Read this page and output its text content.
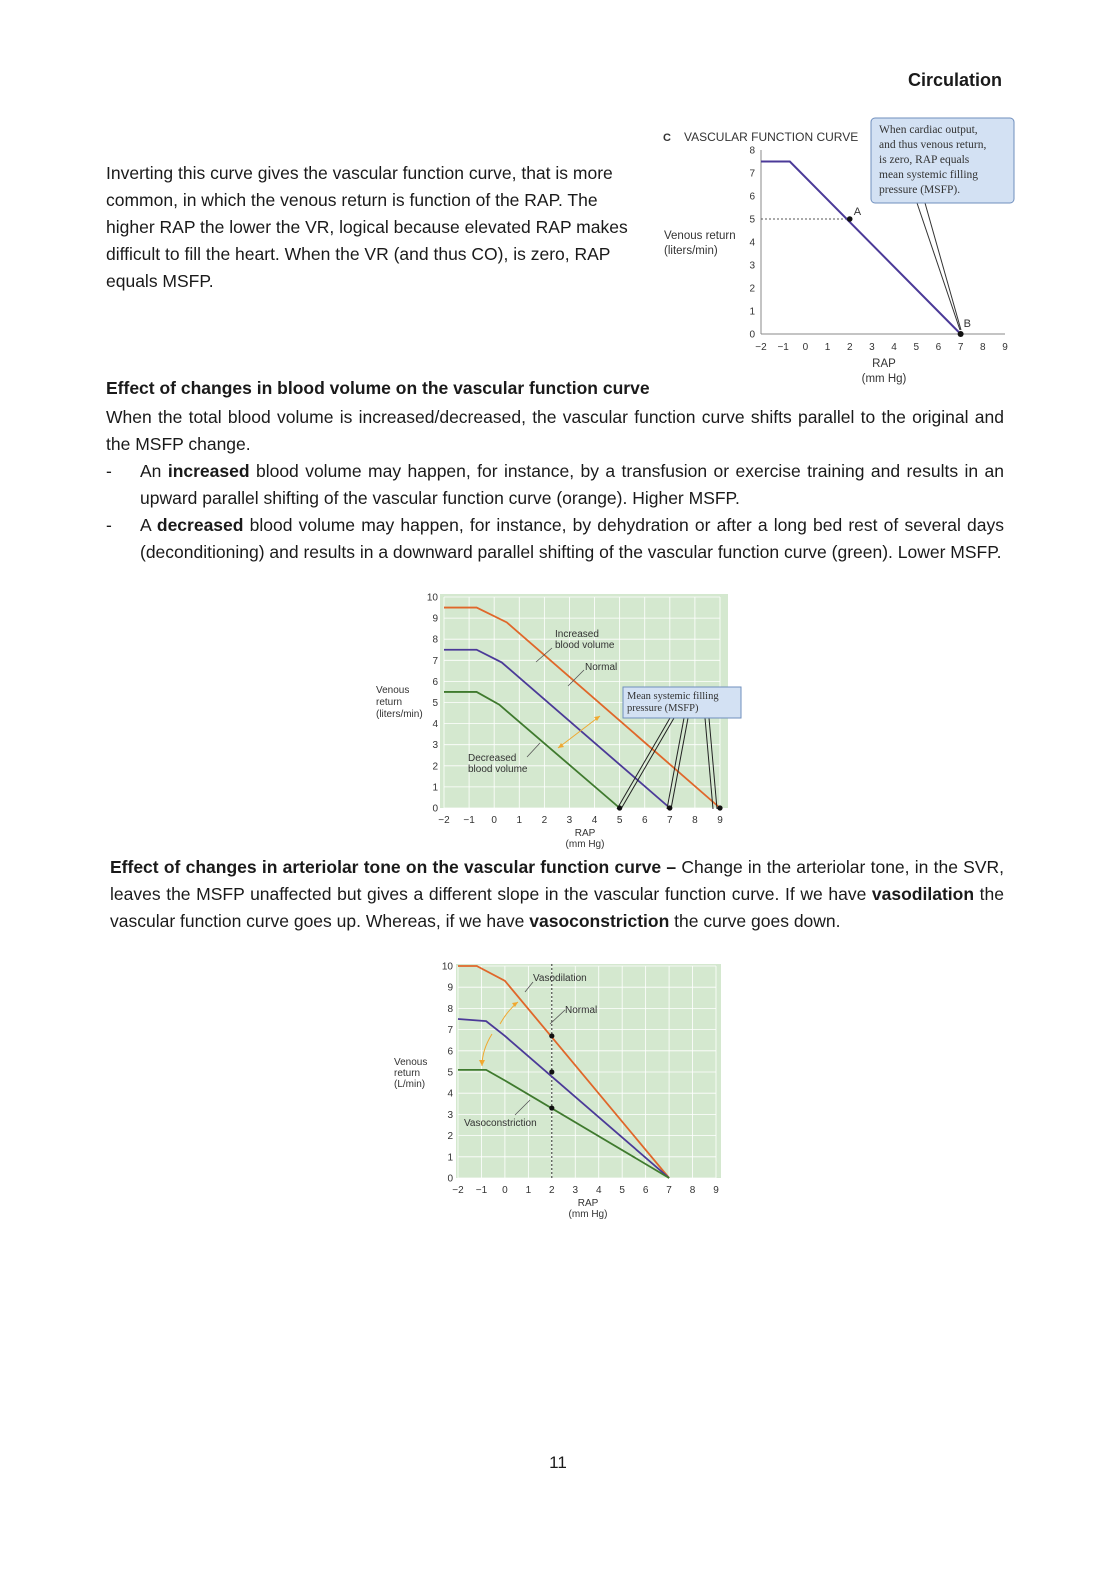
Circulation

Inverting this curve gives the vascular function curve, that is more common, in which the venous return is function of the RAP. The higher RAP the lower the VR, logical because elevated RAP makes difficult to fill the heart. When the VR (and thus CO), is zero, RAP equals MSFP.

C VASCULAR FUNCTION CURVE
Venous return
(liters/min)
RAP
(mm Hg)
0
1
2
3
4
5
6
7
8
−2 −1 0 1 2 3 4 5 6 7 8 9
A
B
When cardiac output,
and thus venous return,
is zero, RAP equals
mean systemic filling
pressure (MSFP).
Effect of changes in blood volume on the vascular function curve

When the total blood volume is increased/decreased, the vascular function curve shifts parallel to the original and the MSFP change.

- An increased blood volume may happen, for instance, by a transfusion or exercise training and results in an upward parallel shifting of the vascular function curve (orange). Higher MSFP.
- A decreased blood volume may happen, for instance, by dehydration or after a long bed rest of several days (deconditioning) and results in a downward parallel shifting of the vascular function curve (green). Lower MSFP.
Venous
return
(liters/min)
RAP
(mm Hg)
0
1
2
3
4
5
6
7
8
9
10
−2 −1 0 1 2 3 4 5 6 7 8 9
Increased
blood volume
Normal
Decreased
blood volume
Mean systemic filling
pressure (MSFP)

Effect of changes in arteriolar tone on the vascular function curve – Change in the arteriolar tone, in the SVR, leaves the MSFP unaffected but gives a different slope in the vascular function curve. If we have vasodilation the vascular function curve goes up. Whereas, if we have vasoconstriction the curve goes down.

Venous
return
(L/min)
RAP
(mm Hg)
0
1
2
3
4
5
6
7
8
9
10
−2 −1 0 1 2 3 4 5 6 7 8 9
Vasodilation
Normal
Vasoconstriction
11
